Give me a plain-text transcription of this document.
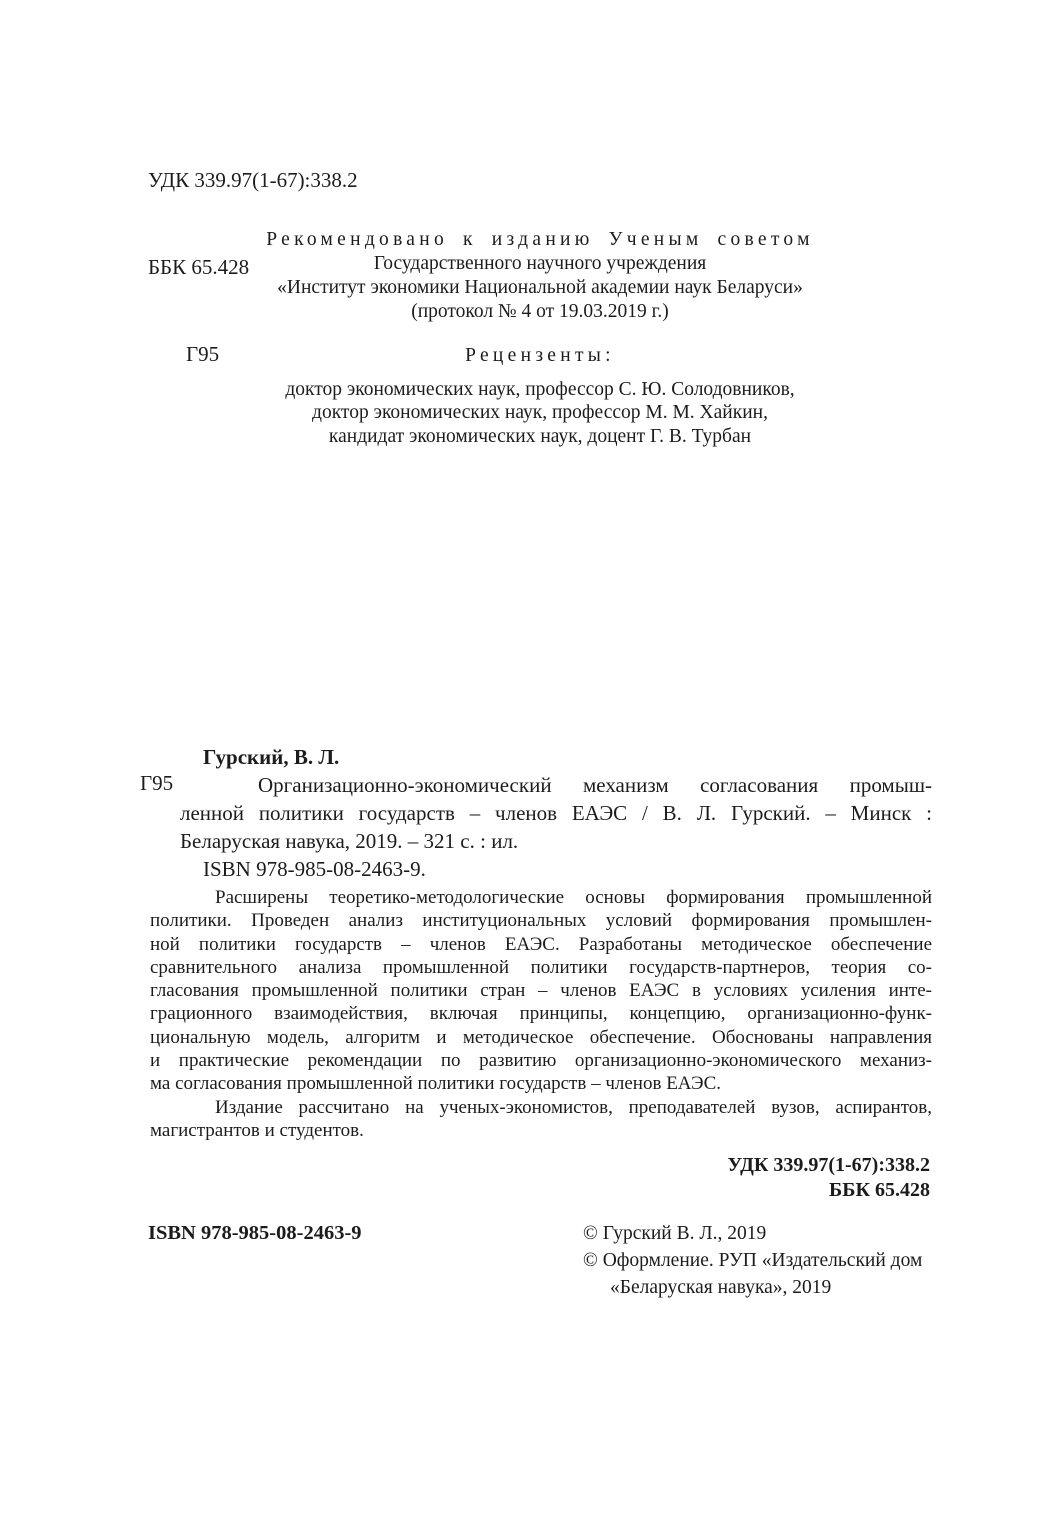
УДК 339.97(1-67):338.2

ББК 65.428

Г95

Рекомендовано к изданию Ученым советом
Государственного научного учреждения
«Институт экономики Национальной академии наук Беларуси»
(протокол № 4 от 19.03.2019 г.)
Рецензенты:
доктор экономических наук, профессор С. Ю. Солодовников,
доктор экономических наук, профессор М. М. Хайкин,
кандидат экономических наук, доцент Г. В. Турбан
Г95
Гурский, В. Л.
Организационно-экономический механизм согласования промыш-
ленной политики государств – членов ЕАЭС / В. Л. Гурский. – Минск :
Беларуская навука, 2019. – 321 с. : ил.
ISBN 978-985-08-2463-9.
Расширены теоретико-методологические основы формирования промышленной
политики. Проведен анализ институциональных условий формирования промышлен-
ной политики государств – членов ЕАЭС. Разработаны методическое обеспечение
сравнительного анализа промышленной политики государств-партнеров, теория со-
гласования промышленной политики стран – членов ЕАЭС в условиях усиления инте-
грационного взаимодействия, включая принципы, концепцию, организационно-функ-
циональную модель, алгоритм и методическое обеспечение. Обоснованы направления
и практические рекомендации по развитию организационно-экономического механиз-
ма согласования промышленной политики государств – членов ЕАЭС.
Издание рассчитано на ученых-экономистов, преподавателей вузов, аспирантов,
магистрантов и студентов.
УДК 339.97(1-67):338.2
ББК 65.428
ISBN 978-985-08-2463-9	© Гурский В. Л., 2019
© Оформление. РУП «Издательский дом
«Беларуская навука», 2019
